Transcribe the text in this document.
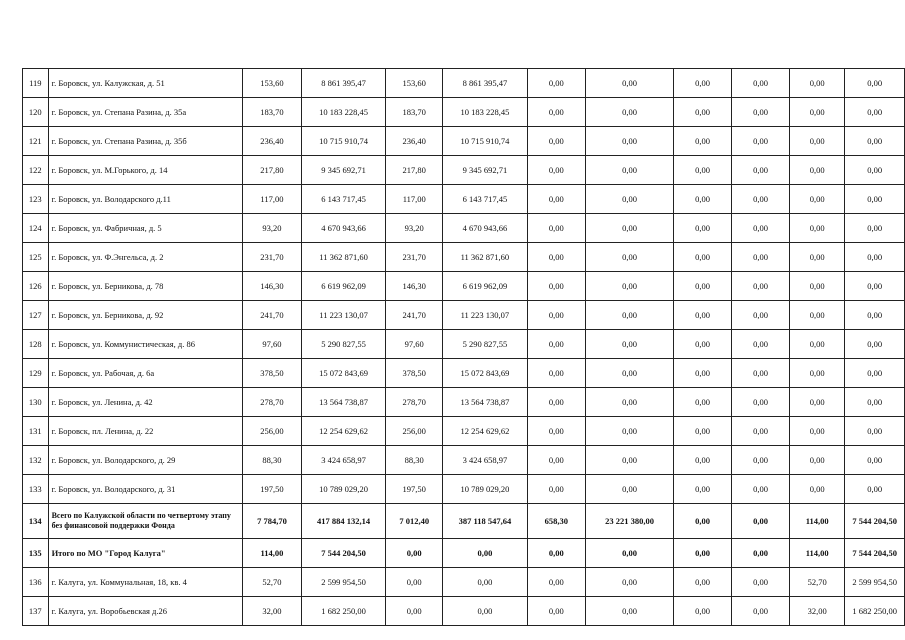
119	г. Боровск, ул. Калужская, д. 51	153,60	8 861 395,47	153,60	8 861 395,47	0,00	0,00	0,00	0,00	0,00	0,00
120	г. Боровск, ул. Степана Разина, д. 35а	183,70	10 183 228,45	183,70	10 183 228,45	0,00	0,00	0,00	0,00	0,00	0,00
121	г. Боровск, ул. Степана Разина, д. 35б	236,40	10 715 910,74	236,40	10 715 910,74	0,00	0,00	0,00	0,00	0,00	0,00
122	г. Боровск, ул. М.Горького, д. 14	217,80	9 345 692,71	217,80	9 345 692,71	0,00	0,00	0,00	0,00	0,00	0,00
123	г. Боровск, ул. Володарского д.11	117,00	6 143 717,45	117,00	6 143 717,45	0,00	0,00	0,00	0,00	0,00	0,00
124	г. Боровск, ул. Фабричная, д. 5	93,20	4 670 943,66	93,20	4 670 943,66	0,00	0,00	0,00	0,00	0,00	0,00
125	г. Боровск, ул. Ф.Энгельса, д. 2	231,70	11 362 871,60	231,70	11 362 871,60	0,00	0,00	0,00	0,00	0,00	0,00
126	г. Боровск, ул. Берникова, д. 78	146,30	6 619 962,09	146,30	6 619 962,09	0,00	0,00	0,00	0,00	0,00	0,00
127	г. Боровск, ул. Берникова, д. 92	241,70	11 223 130,07	241,70	11 223 130,07	0,00	0,00	0,00	0,00	0,00	0,00
128	г. Боровск, ул. Коммунистическая, д. 86	97,60	5 290 827,55	97,60	5 290 827,55	0,00	0,00	0,00	0,00	0,00	0,00
129	г. Боровск, ул. Рабочая, д. 6а	378,50	15 072 843,69	378,50	15 072 843,69	0,00	0,00	0,00	0,00	0,00	0,00
130	г. Боровск, ул. Ленина, д. 42	278,70	13 564 738,87	278,70	13 564 738,87	0,00	0,00	0,00	0,00	0,00	0,00
131	г. Боровск, пл. Ленина, д. 22	256,00	12 254 629,62	256,00	12 254 629,62	0,00	0,00	0,00	0,00	0,00	0,00
132	г. Боровск, ул. Володарского, д. 29	88,30	3 424 658,97	88,30	3 424 658,97	0,00	0,00	0,00	0,00	0,00	0,00
133	г. Боровск, ул. Володарского, д. 31	197,50	10 789 029,20	197,50	10 789 029,20	0,00	0,00	0,00	0,00	0,00	0,00
134	Всего по Калужской области по четвертому этапу без финансовой поддержки Фонда	7 784,70	417 884 132,14	7 012,40	387 118 547,64	658,30	23 221 380,00	0,00	0,00	114,00	7 544 204,50
135	Итого по МО "Город Калуга"	114,00	7 544 204,50	0,00	0,00	0,00	0,00	0,00	0,00	114,00	7 544 204,50
136	г. Калуга, ул. Коммунальная, 18, кв. 4	52,70	2 599 954,50	0,00	0,00	0,00	0,00	0,00	0,00	52,70	2 599 954,50
137	г. Калуга, ул. Воробьевская д.26	32,00	1 682 250,00	0,00	0,00	0,00	0,00	0,00	0,00	32,00	1 682 250,00
